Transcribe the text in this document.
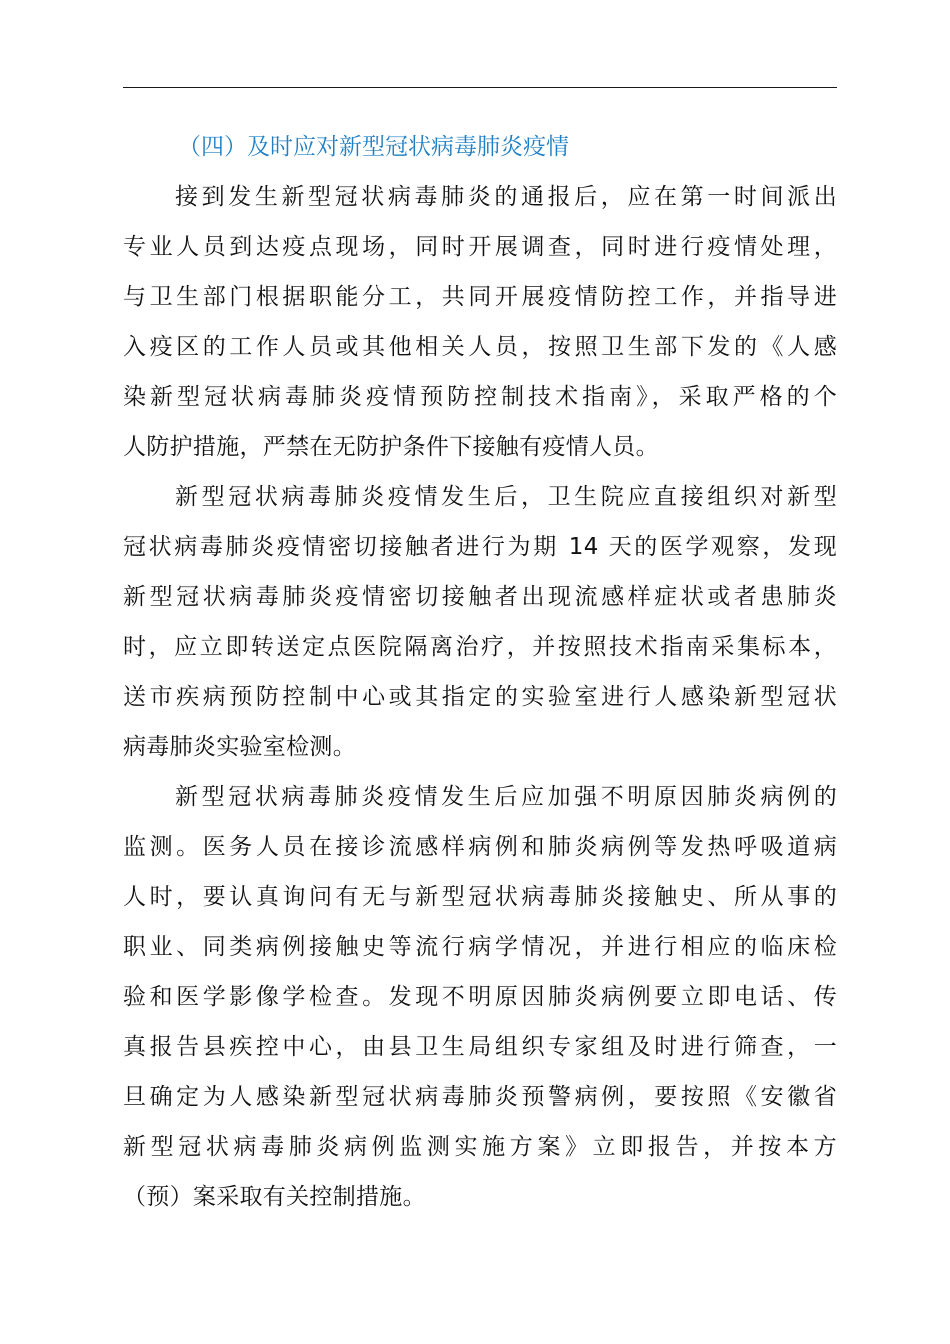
（四）及时应对新型冠状病毒肺炎疫情

接到发生新型冠状病毒肺炎的通报后，应在第一时间派出
专业人员到达疫点现场，同时开展调查，同时进行疫情处理，
与卫生部门根据职能分工，共同开展疫情防控工作，并指导进
入疫区的工作人员或其他相关人员，按照卫生部下发的《人感
染新型冠状病毒肺炎疫情预防控制技术指南》，采取严格的个
人防护措施，严禁在无防护条件下接触有疫情人员。

新型冠状病毒肺炎疫情发生后，卫生院应直接组织对新型
冠状病毒肺炎疫情密切接触者进行为期 14 天的医学观察，发现
新型冠状病毒肺炎疫情密切接触者出现流感样症状或者患肺炎
时，应立即转送定点医院隔离治疗，并按照技术指南采集标本，
送市疾病预防控制中心或其指定的实验室进行人感染新型冠状
病毒肺炎实验室检测。

新型冠状病毒肺炎疫情发生后应加强不明原因肺炎病例的
监测。医务人员在接诊流感样病例和肺炎病例等发热呼吸道病
人时，要认真询问有无与新型冠状病毒肺炎接触史、所从事的
职业、同类病例接触史等流行病学情况，并进行相应的临床检
验和医学影像学检查。发现不明原因肺炎病例要立即电话、传
真报告县疾控中心，由县卫生局组织专家组及时进行筛查，一
旦确定为人感染新型冠状病毒肺炎预警病例，要按照《安徽省
新型冠状病毒肺炎病例监测实施方案》立即报告，并按本方
（预）案采取有关控制措施。
